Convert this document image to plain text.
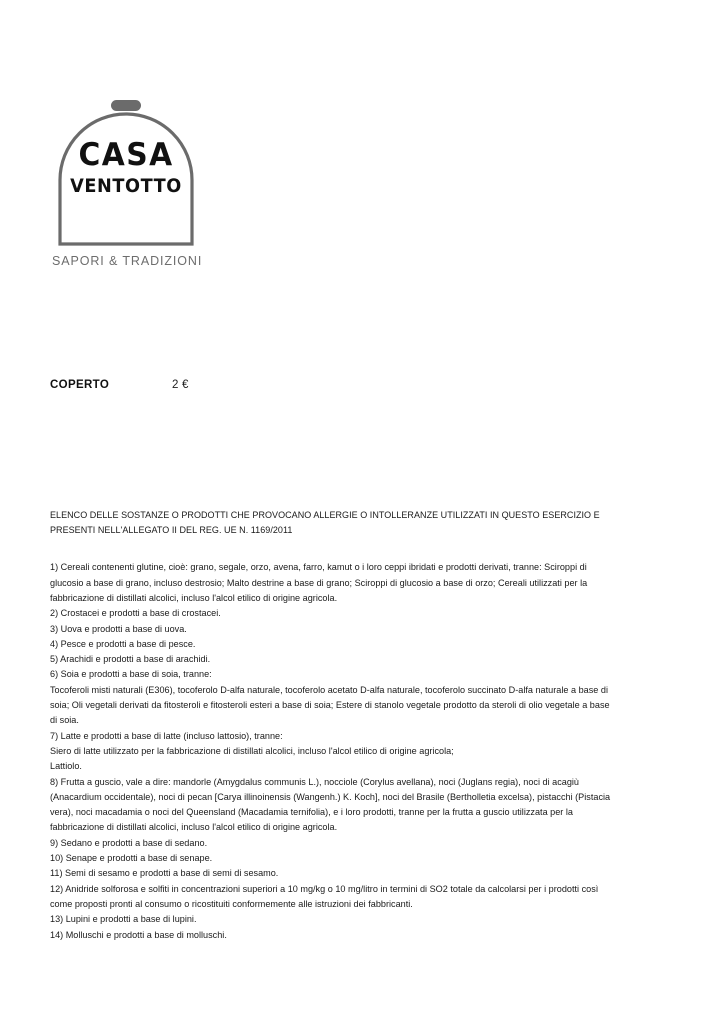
CASA
VENTOTTO
SAPORI & TRADIZIONI
COPERTO	2 €

ELENCO DELLE SOSTANZE O PRODOTTI CHE PROVOCANO ALLERGIE O INTOLLERANZE UTILIZZATI IN QUESTO ESERCIZIO E PRESENTI NELL'ALLEGATO II DEL REG. UE N. 1169/2011

1) Cereali contenenti glutine, cioè: grano, segale, orzo, avena, farro, kamut o i loro ceppi ibridati e prodotti derivati, tranne: Sciroppi di glucosio a base di grano, incluso destrosio; Malto destrine a base di grano; Sciroppi di glucosio a base di orzo; Cereali utilizzati per la fabbricazione di distillati alcolici, incluso l'alcol etilico di origine agricola.
2) Crostacei e prodotti a base di crostacei.
3) Uova e prodotti a base di uova.
4) Pesce e prodotti a base di pesce.
5) Arachidi e prodotti a base di arachidi.
6) Soia e prodotti a base di soia, tranne:
Tocoferoli misti naturali (E306), tocoferolo D-alfa naturale, tocoferolo acetato D-alfa naturale, tocoferolo succinato D-alfa naturale a base di soia; Oli vegetali derivati da fitosteroli e fitosteroli esteri a base di soia; Estere di stanolo vegetale prodotto da steroli di olio vegetale a base di soia.
7) Latte e prodotti a base di latte (incluso lattosio), tranne:
Siero di latte utilizzato per la fabbricazione di distillati alcolici, incluso l'alcol etilico di origine agricola;
Lattiolo.
8) Frutta a guscio, vale a dire: mandorle (Amygdalus communis L.), nocciole (Corylus avellana), noci (Juglans regia), noci di acagiù (Anacardium occidentale), noci di pecan [Carya illinoinensis (Wangenh.) K. Koch], noci del Brasile (Bertholletia excelsa), pistacchi (Pistacia vera), noci macadamia o noci del Queensland (Macadamia ternifolia), e i loro prodotti, tranne per la frutta a guscio utilizzata per la fabbricazione di distillati alcolici, incluso l'alcol etilico di origine agricola.
9) Sedano e prodotti a base di sedano.
10) Senape e prodotti a base di senape.
11) Semi di sesamo e prodotti a base di semi di sesamo.
12) Anidride solforosa e solfiti in concentrazioni superiori a 10 mg/kg o 10 mg/litro in termini di SO2 totale da calcolarsi per i prodotti così come proposti pronti al consumo o ricostituiti conformemente alle istruzioni dei fabbricanti.
13) Lupini e prodotti a base di lupini.
14) Molluschi e prodotti a base di molluschi.
